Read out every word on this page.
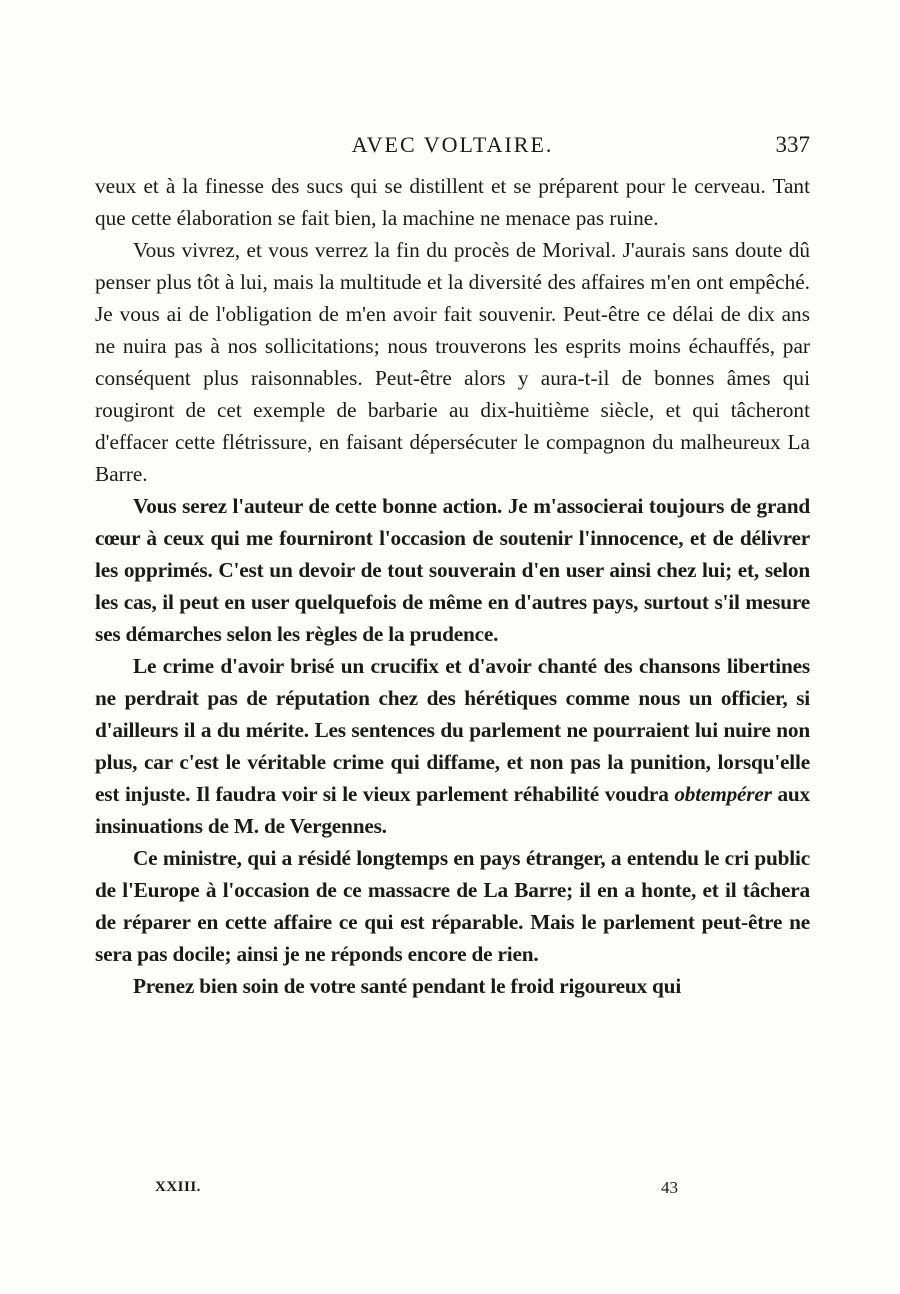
AVEC VOLTAIRE.	337

veux et à la finesse des sucs qui se distillent et se préparent pour le cerveau. Tant que cette élaboration se fait bien, la machine ne menace pas ruine.

Vous vivrez, et vous verrez la fin du procès de Morival. J'aurais sans doute dû penser plus tôt à lui, mais la multitude et la diversité des affaires m'en ont empêché. Je vous ai de l'obligation de m'en avoir fait souvenir. Peut-être ce délai de dix ans ne nuira pas à nos sollicitations; nous trouverons les esprits moins échauffés, par conséquent plus raisonnables. Peut-être alors y aura-t-il de bonnes âmes qui rougiront de cet exemple de barbarie au dix-huitième siècle, et qui tâcheront d'effacer cette flétrissure, en faisant dépersécuter le compagnon du malheureux La Barre.

Vous serez l'auteur de cette bonne action. Je m'associerai toujours de grand cœur à ceux qui me fourniront l'occasion de soutenir l'innocence, et de délivrer les opprimés. C'est un devoir de tout souverain d'en user ainsi chez lui; et, selon les cas, il peut en user quelquefois de même en d'autres pays, surtout s'il mesure ses démarches selon les règles de la prudence.

Le crime d'avoir brisé un crucifix et d'avoir chanté des chansons libertines ne perdrait pas de réputation chez des hérétiques comme nous un officier, si d'ailleurs il a du mérite. Les sentences du parlement ne pourraient lui nuire non plus, car c'est le véritable crime qui diffame, et non pas la punition, lorsqu'elle est injuste. Il faudra voir si le vieux parlement réhabilité voudra obtempérer aux insinuations de M. de Vergennes.

Ce ministre, qui a résidé longtemps en pays étranger, a entendu le cri public de l'Europe à l'occasion de ce massacre de La Barre; il en a honte, et il tâchera de réparer en cette affaire ce qui est réparable. Mais le parlement peut-être ne sera pas docile; ainsi je ne réponds encore de rien.

Prenez bien soin de votre santé pendant le froid rigoureux qui

XXIII.	43
